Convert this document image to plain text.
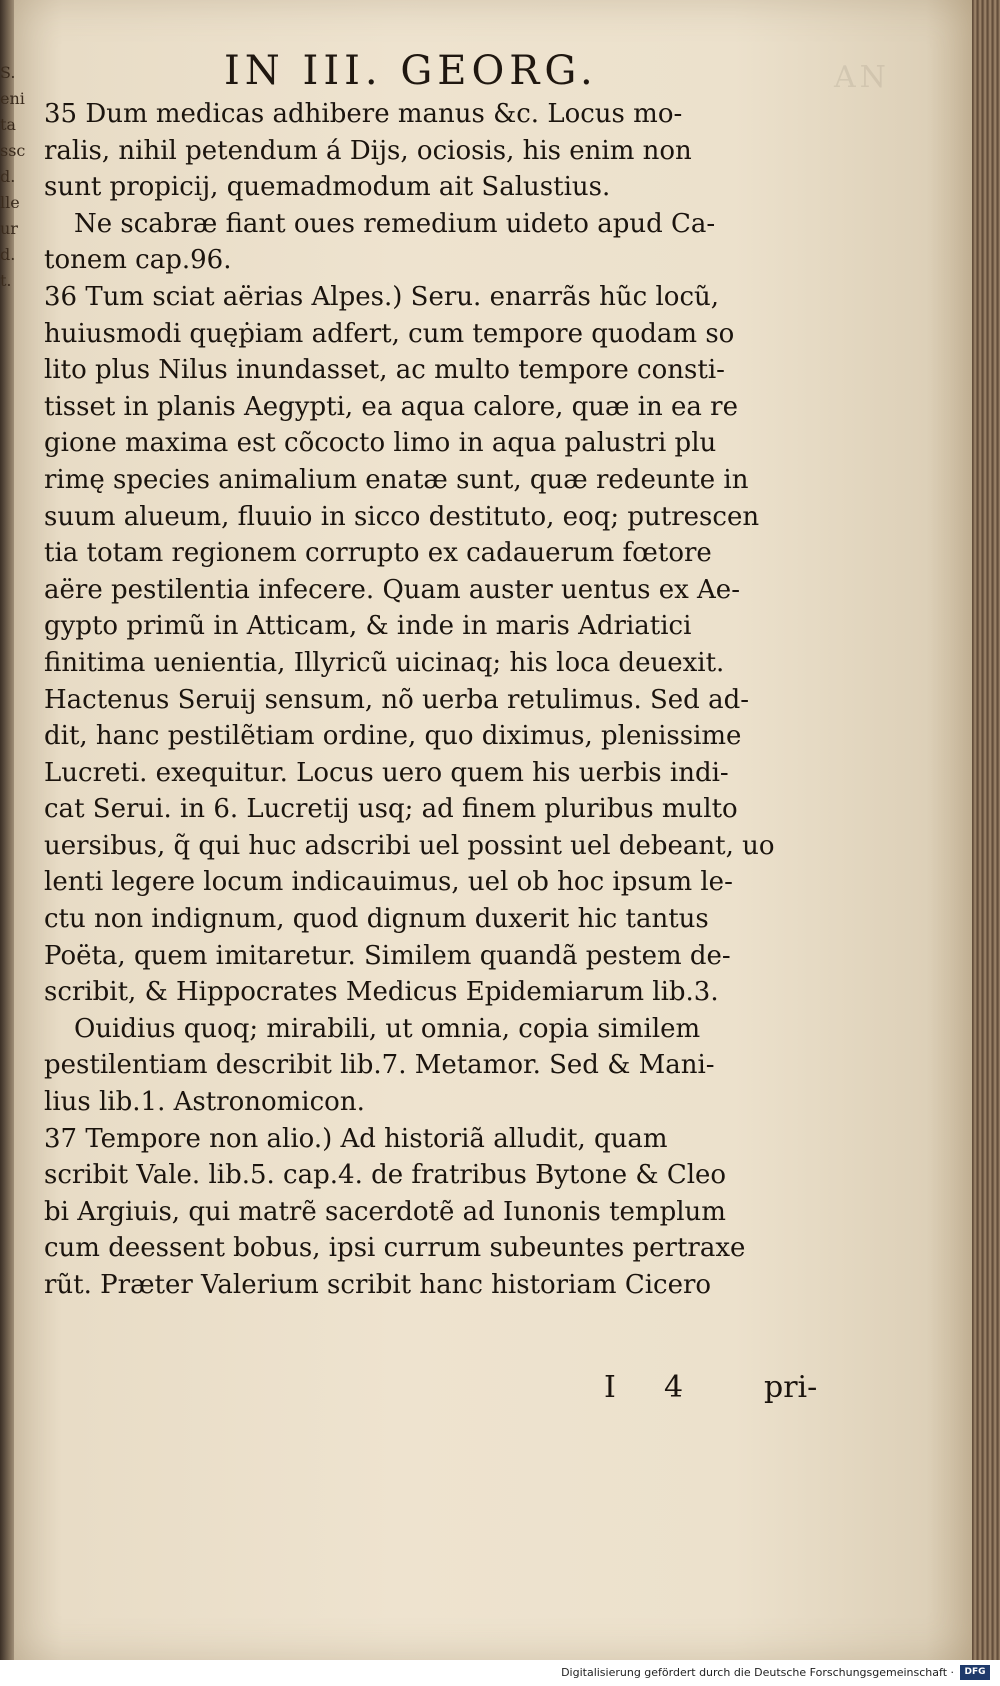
AN
IN III. GEORG.
35 Dum medicas adhibere manus &c. Locus mo-
ralis, nihil petendum á Dijs, ociosis, his enim non
sunt propicij, quemadmodum ait Salustius.
Ne scabræ fiant oues remedium uideto apud Ca-
tonem cap.96.
36 Tum sciat aërias Alpes.) Seru. enarrãs hũc locũ,
huiusmodi quęṗiam adfert, cum tempore quodam so
lito plus Nilus inundasset, ac multo tempore consti-
tisset in planis Aegypti, ea aqua calore, quæ in ea re
gione maxima est cõcocto limo in aqua palustri plu
rimę species animalium enatæ sunt, quæ redeunte in
suum alueum, fluuio in sicco destituto, eoq; putrescen
tia totam regionem corrupto ex cadauerum fœtore
aëre pestilentia infecere. Quam auster uentus ex Ae-
gypto primũ in Atticam, & inde in maris Adriatici
finitima uenientia, Illyricũ uicinaq; his loca deuexit.
Hactenus Seruij sensum, nõ uerba retulimus. Sed ad-
dit, hanc pestilẽtiam ordine, quo diximus, plenissime
Lucreti. exequitur. Locus uero quem his uerbis indi-
cat Serui. in 6. Lucretij usq; ad finem pluribus multo
uersibus, q̃ qui huc adscribi uel possint uel debeant, uo
lenti legere locum indicauimus, uel ob hoc ipsum le-
ctu non indignum, quod dignum duxerit hic tantus
Poëta, quem imitaretur. Similem quandã pestem de-
scribit, & Hippocrates Medicus Epidemiarum lib.3.
Ouidius quoq; mirabili, ut omnia, copia similem
pestilentiam describit lib.7. Metamor. Sed & Mani-
lius lib.1. Astronomicon.
37 Tempore non alio.) Ad historiã alludit, quam
scribit Vale. lib.5. cap.4. de fratribus Bytone & Cleo
bi Argiuis, qui matrẽ sacerdotẽ ad Iunonis templum
cum deessent bobus, ipsi currum subeuntes pertraxe
rũt. Præter Valerium scribit hanc historiam Cicero
I 4	pri-
S.
eni
ta
ssc
d.
lle
ur
d.
t.
Digitalisierung gefördert durch die Deutsche Forschungsgemeinschaft ·	DFG
